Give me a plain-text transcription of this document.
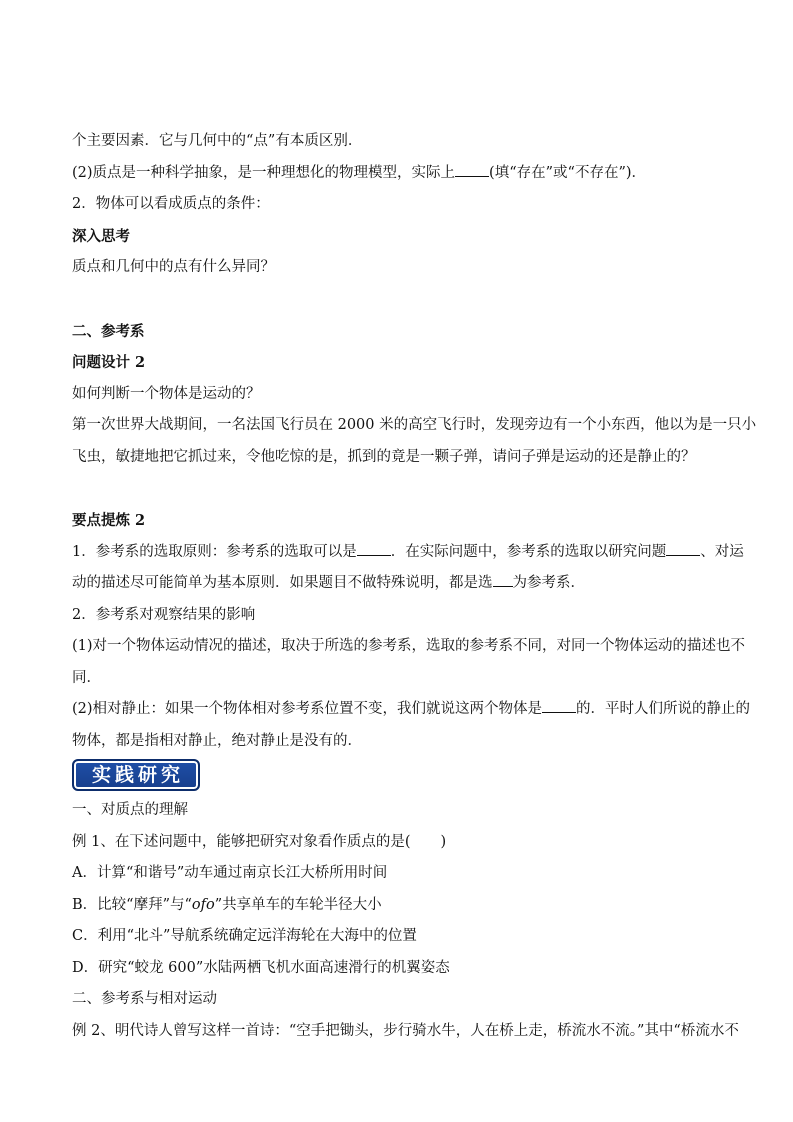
个主要因素．它与几何中的“点”有本质区别．
(2)质点是一种科学抽象，是一种理想化的物理模型，实际上 (填“存在”或“不存在”)．
2．物体可以看成质点的条件：
深入思考
质点和几何中的点有什么异同？
二、参考系
问题设计 2
如何判断一个物体是运动的？
第一次世界大战期间，一名法国飞行员在 2000 米的高空飞行时，发现旁边有一个小东西，他以为是一只小
飞虫，敏捷地把它抓过来，令他吃惊的是，抓到的竟是一颗子弹，请问子弹是运动的还是静止的？
要点提炼 2
1．参考系的选取原则：参考系的选取可以是 ．在实际问题中，参考系的选取以研究问题 、对运
动的描述尽可能简单为基本原则．如果题目不做特殊说明，都是选 为参考系．
2．参考系对观察结果的影响
(1)对一个物体运动情况的描述，取决于所选的参考系，选取的参考系不同，对同一个物体运动的描述也不
同．
(2)相对静止：如果一个物体相对参考系位置不变，我们就说这两个物体是 的．平时人们所说的静止的
物体，都是指相对静止，绝对静止是没有的．
实践研究
一、对质点的理解
例 1、在下述问题中，能够把研究对象看作质点的是( )
A．计算“和谐号”动车通过南京长江大桥所用时间
B．比较“摩拜”与“ofo”共享单车的车轮半径大小
C．利用“北斗”导航系统确定远洋海轮在大海中的位置
D．研究“蛟龙 600”水陆两栖飞机水面高速滑行的机翼姿态
二、参考系与相对运动
例 2、明代诗人曾写这样一首诗：“空手把锄头，步行骑水牛，人在桥上走，桥流水不流。”其中“桥流水不
